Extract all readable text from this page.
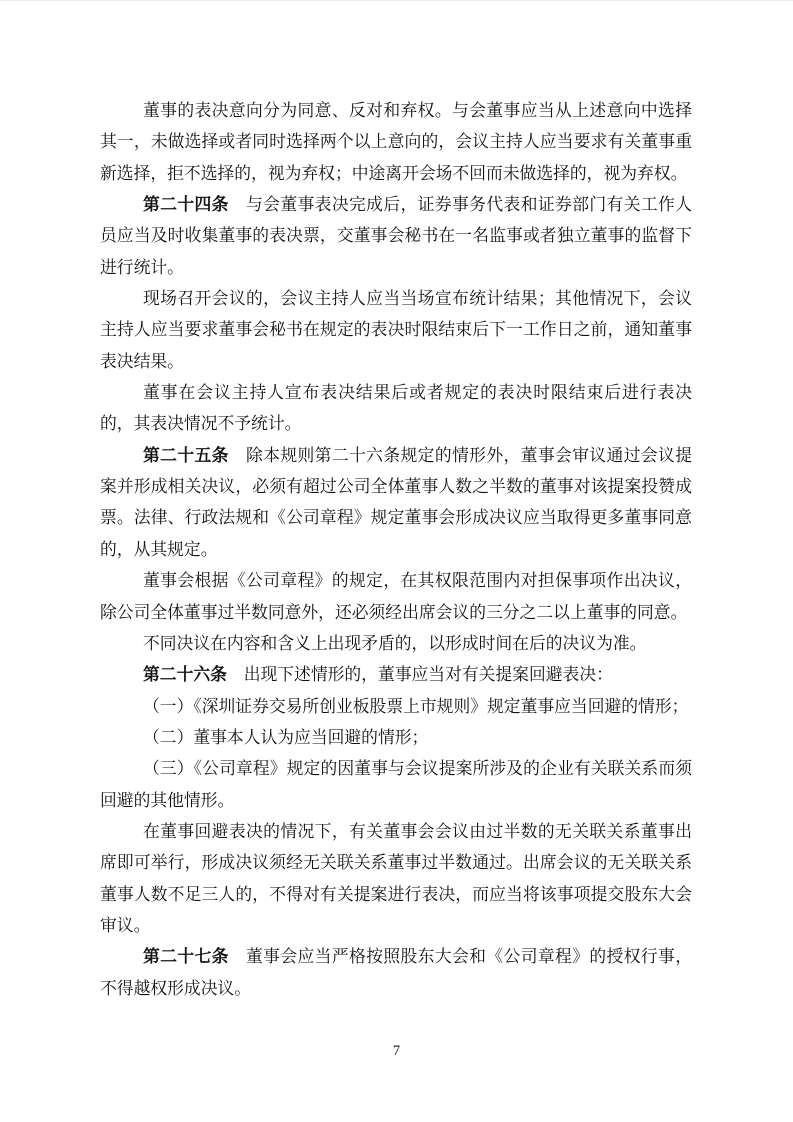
董事的表决意向分为同意、反对和弃权。与会董事应当从上述意向中选择其一，未做选择或者同时选择两个以上意向的，会议主持人应当要求有关董事重新选择，拒不选择的，视为弃权；中途离开会场不回而未做选择的，视为弃权。

第二十四条　与会董事表决完成后，证券事务代表和证券部门有关工作人员应当及时收集董事的表决票，交董事会秘书在一名监事或者独立董事的监督下进行统计。

现场召开会议的，会议主持人应当当场宣布统计结果；其他情况下，会议主持人应当要求董事会秘书在规定的表决时限结束后下一工作日之前，通知董事表决结果。

董事在会议主持人宣布表决结果后或者规定的表决时限结束后进行表决的，其表决情况不予统计。

第二十五条　除本规则第二十六条规定的情形外，董事会审议通过会议提案并形成相关决议，必须有超过公司全体董事人数之半数的董事对该提案投赞成票。法律、行政法规和《公司章程》规定董事会形成决议应当取得更多董事同意的，从其规定。

董事会根据《公司章程》的规定，在其权限范围内对担保事项作出决议，除公司全体董事过半数同意外，还必须经出席会议的三分之二以上董事的同意。

不同决议在内容和含义上出现矛盾的，以形成时间在后的决议为准。

第二十六条　出现下述情形的，董事应当对有关提案回避表决：

（一）《深圳证券交易所创业板股票上市规则》规定董事应当回避的情形；

（二）董事本人认为应当回避的情形；

（三）《公司章程》规定的因董事与会议提案所涉及的企业有关联关系而须回避的其他情形。

在董事回避表决的情况下，有关董事会会议由过半数的无关联关系董事出席即可举行，形成决议须经无关联关系董事过半数通过。出席会议的无关联关系董事人数不足三人的，不得对有关提案进行表决，而应当将该事项提交股东大会审议。

第二十七条　董事会应当严格按照股东大会和《公司章程》的授权行事，不得越权形成决议。

7
